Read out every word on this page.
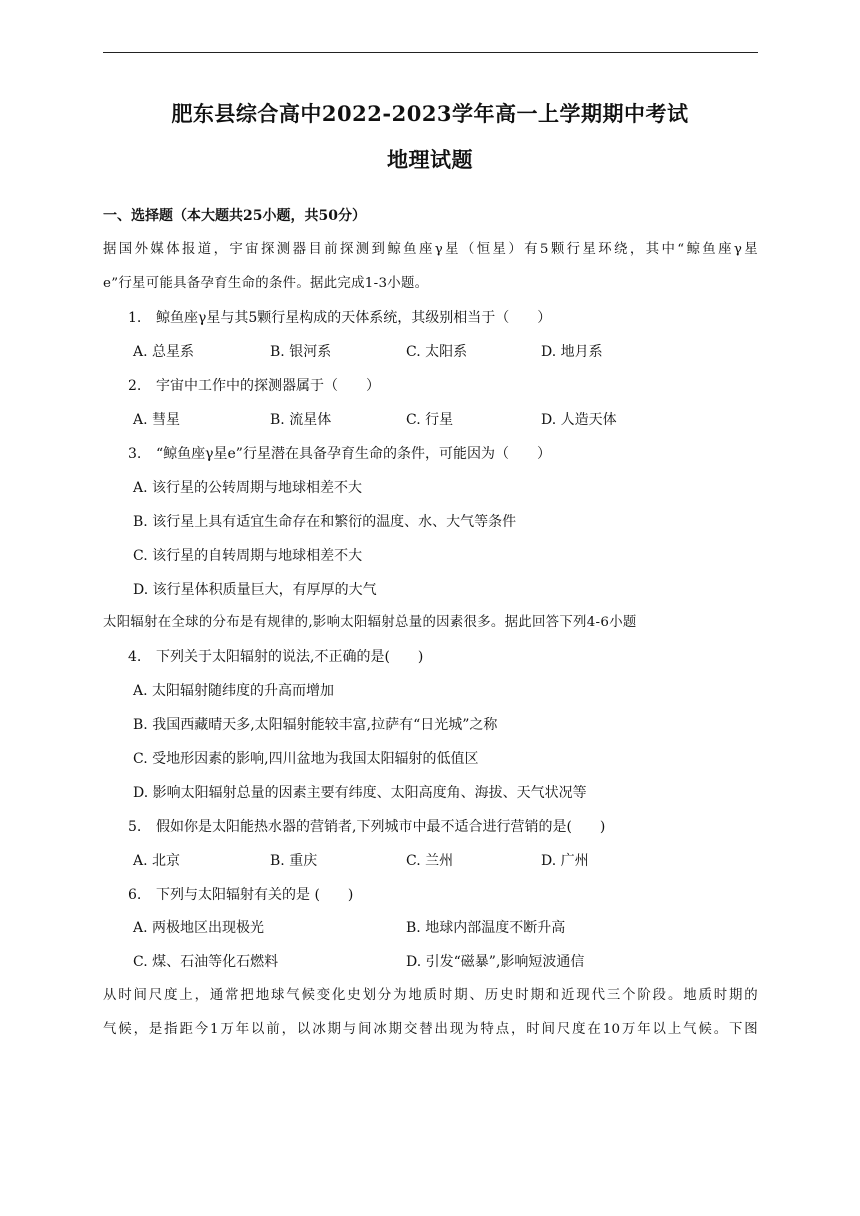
肥东县综合高中2022-2023学年高一上学期期中考试
地理试题
一、选择题（本大题共25小题，共50分）
据国外媒体报道，宇宙探测器目前探测到鲸鱼座γ星（恒星）有5颗行星环绕，其中“鲸鱼座γ星
e”行星可能具备孕育生命的条件。据此完成1-3小题。
1. 鲸鱼座γ星与其5颗行星构成的天体系统，其级别相当于（　　）
A. 总星系	B. 银河系	C. 太阳系	D. 地月系
2. 宇宙中工作中的探测器属于（　　）
A. 彗星	B. 流星体	C. 行星	D. 人造天体
3. “鲸鱼座γ星e”行星潜在具备孕育生命的条件，可能因为（　　）
A. 该行星的公转周期与地球相差不大
B. 该行星上具有适宜生命存在和繁衍的温度、水、大气等条件
C. 该行星的自转周期与地球相差不大
D. 该行星体积质量巨大，有厚厚的大气
太阳辐射在全球的分布是有规律的,影响太阳辐射总量的因素很多。据此回答下列4-6小题
4. 下列关于太阳辐射的说法,不正确的是(　　)
A. 太阳辐射随纬度的升高而增加
B. 我国西藏晴天多,太阳辐射能较丰富,拉萨有“日光城”之称
C. 受地形因素的影响,四川盆地为我国太阳辐射的低值区
D. 影响太阳辐射总量的因素主要有纬度、太阳高度角、海拔、天气状况等
5. 假如你是太阳能热水器的营销者,下列城市中最不适合进行营销的是(　　)
A. 北京	B. 重庆	C. 兰州	D. 广州
6. 下列与太阳辐射有关的是 (　　)
A. 两极地区出现极光	B. 地球内部温度不断升高
C. 煤、石油等化石燃料	D. 引发“磁暴”,影响短波通信
从时间尺度上，通常把地球气候变化史划分为地质时期、历史时期和近现代三个阶段。地质时期的
气候，是指距今1万年以前，以冰期与间冰期交替出现为特点，时间尺度在10万年以上气候。下图
